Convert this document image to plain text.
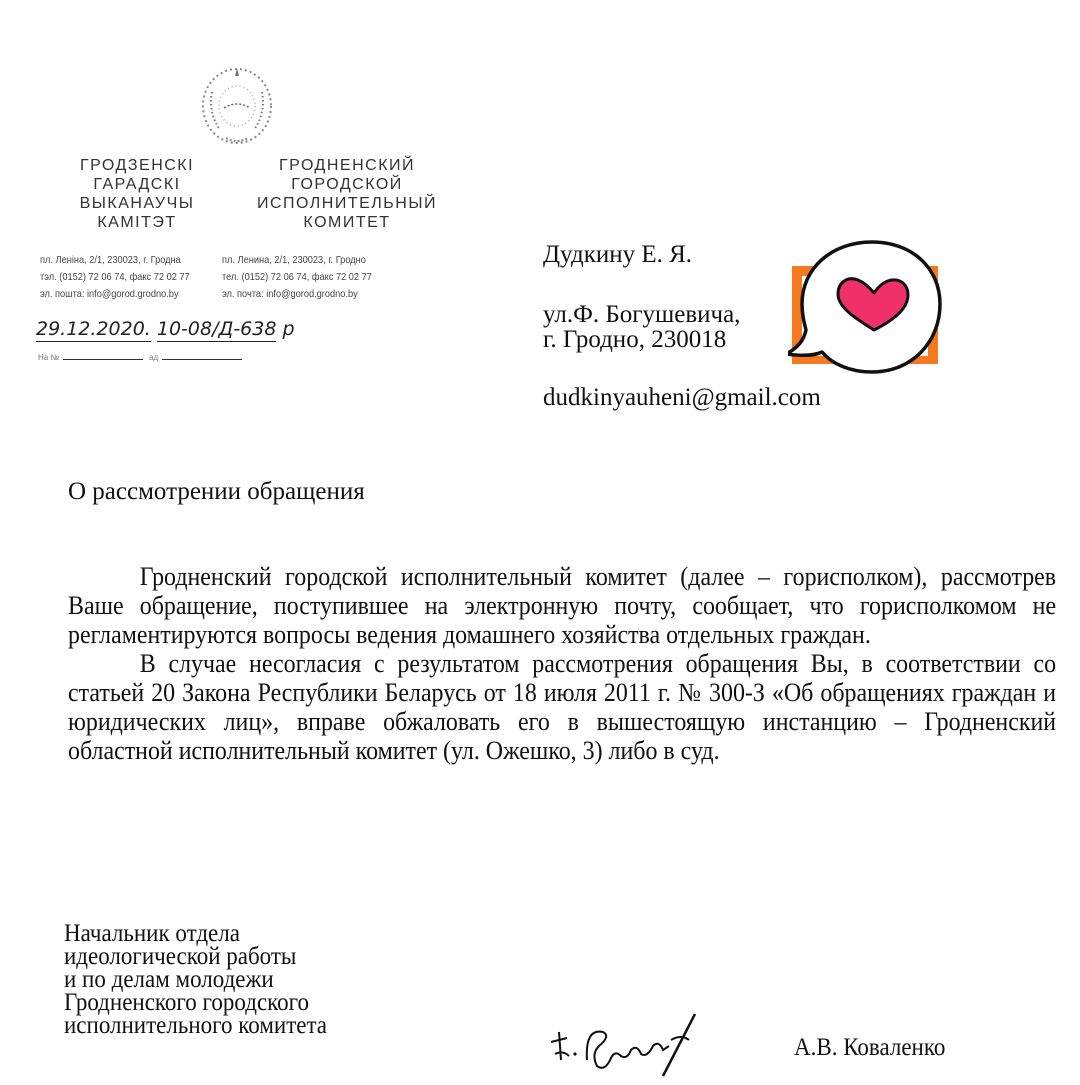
ГРОДЗЕНСКI
ГАРАДСКI
ВЫКАНАУЧЫ
КАМIТЭТ
ГРОДНЕНСКИЙ
ГОРОДСКОЙ
ИСПОЛНИТЕЛЬНЫЙ
КОМИТЕТ
пл. Ленiна, 2/1, 230023, г. Гродна
тэл. (0152) 72 06 74, факс 72 02 77
эл. пошта: info@gorod.grodno.by
пл. Ленина, 2/1, 230023, г. Гродно
тел. (0152) 72 06 74, факс 72 02 77
эл. почта: info@gorod.grodno.by
29.12.2020. 10-08/Д-638 р
На №	ад
Дудкину Е. Я.
ул.Ф. Богушевича,
г. Гродно, 230018
dudkinyauheni@gmail.com
О рассмотрении обращения

Гродненский городской исполнительный комитет (далее – горисполком), рассмотрев Ваше обращение, поступившее на электронную почту, сообщает, что горисполкомом не регламентируются вопросы ведения домашнего хозяйства отдельных граждан.

В случае несогласия с результатом рассмотрения обращения Вы, в соответствии со статьей 20 Закона Республики Беларусь от 18 июля 2011 г. № 300-З «Об обращениях граждан и юридических лиц», вправе обжаловать его в вышестоящую инстанцию – Гродненский областной исполнительный комитет (ул. Ожешко, 3) либо в суд.

Начальник отдела
идеологической работы
и по делам молодежи
Гродненского городского
исполнительного комитета
А.В. Коваленко
